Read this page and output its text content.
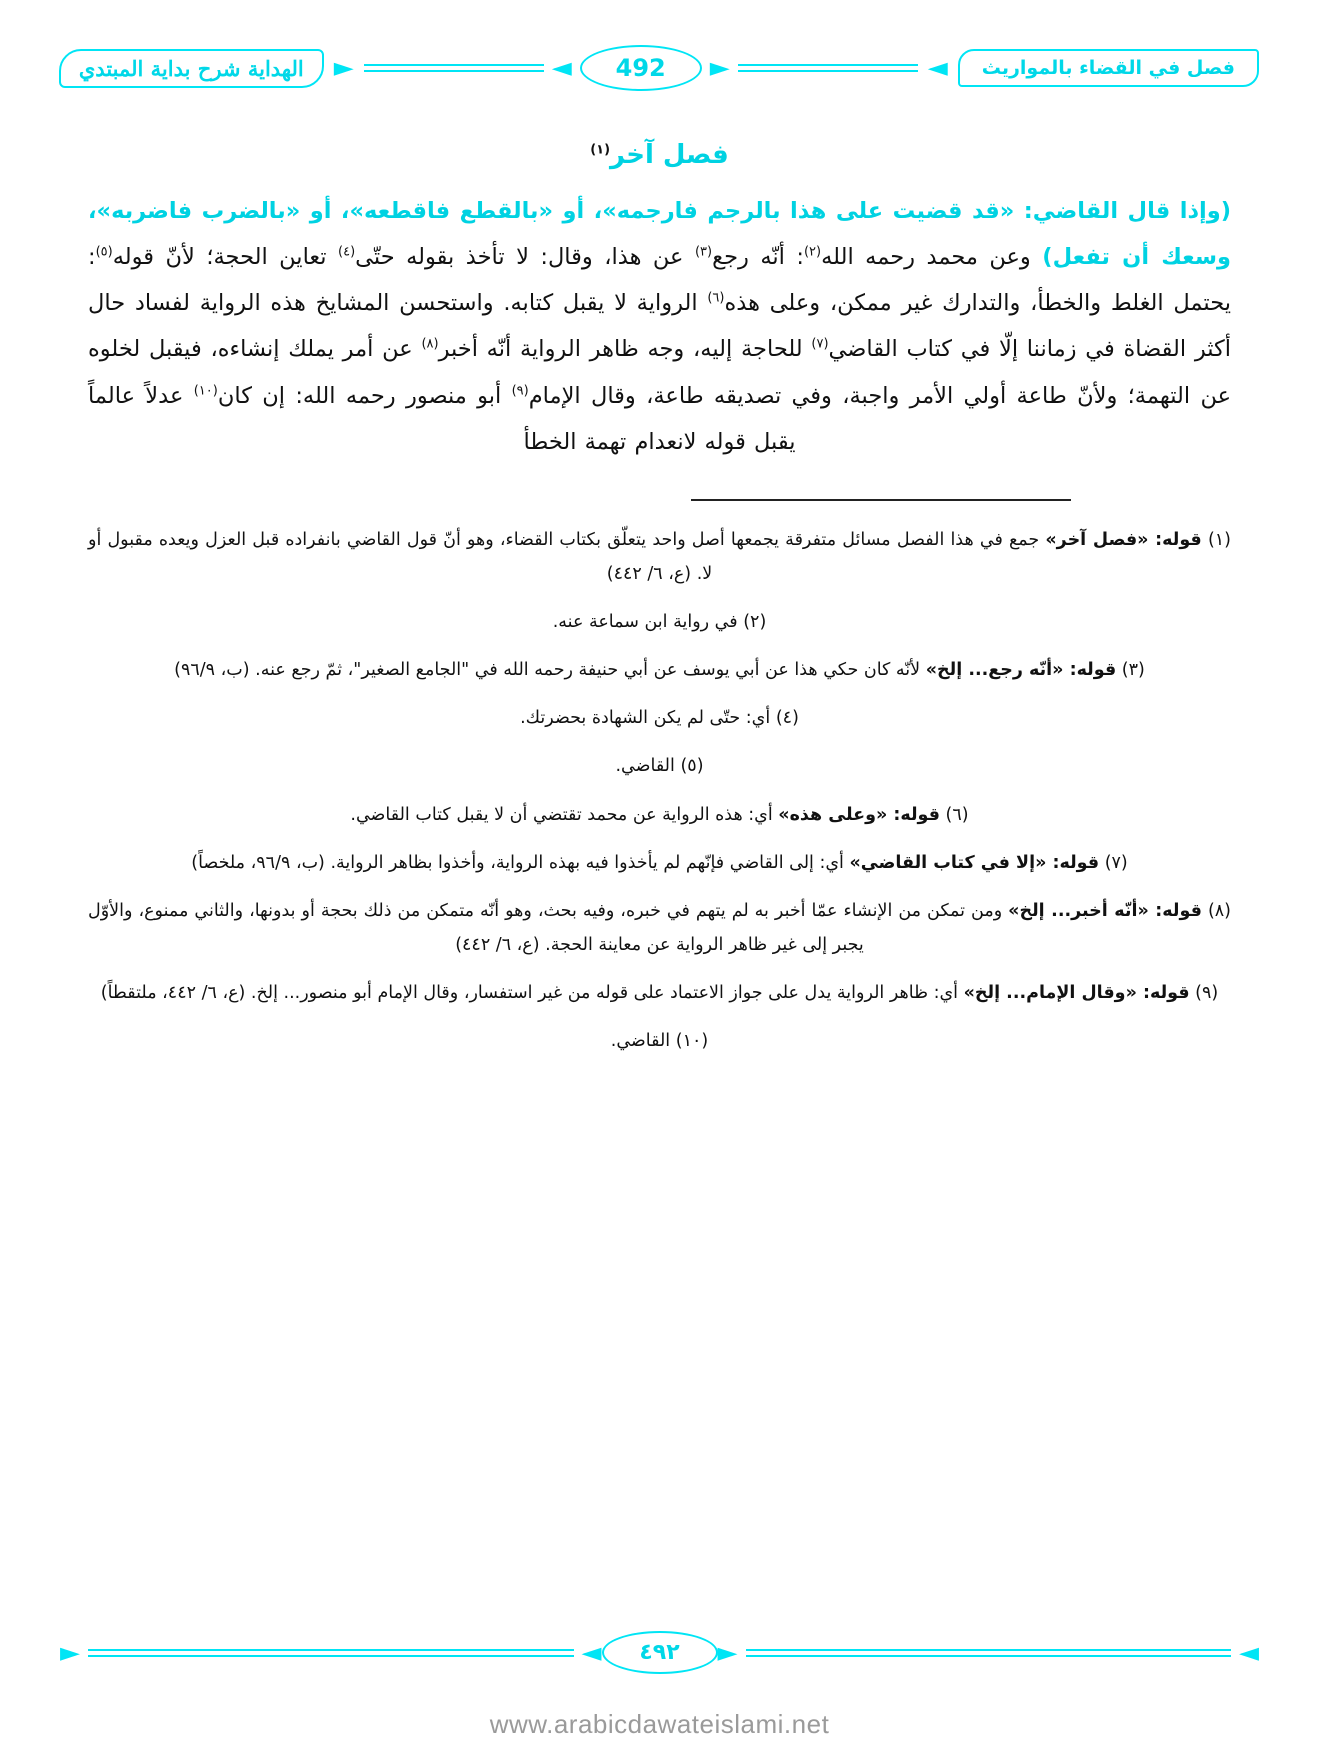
فصل في القضاء بالمواريث
◄
►
492
◄
►
الهداية شرح بداية المبتدي
فصل آخر$^{(١)}$
(وإذا قال القاضي: «قد قضيت على هذا بالرجم فارجمه»، أو «بالقطع فاقطعه»، أو «بالضرب فاضربه»، وسعك أن تفعل) وعن محمد رحمه الله$^{(٢)}$: أنّه رجع$^{(٣)}$ عن هذا، وقال: لا تأخذ بقوله حتّى$^{(٤)}$ تعاين الحجة؛ لأنّ قوله$^{(٥)}$: يحتمل الغلط والخطأ، والتدارك غير ممكن، وعلى هذه$^{(٦)}$ الرواية لا يقبل كتابه. واستحسن المشايخ هذه الرواية لفساد حال أكثر القضاة في زماننا إلّا في كتاب القاضي$^{(٧)}$ للحاجة إليه، وجه ظاهر الرواية أنّه أخبر$^{(٨)}$ عن أمر يملك إنشاءه، فيقبل لخلوه عن التهمة؛ ولأنّ طاعة أولي الأمر واجبة، وفي تصديقه طاعة، وقال الإمام$^{(٩)}$ أبو منصور رحمه الله: إن كان$^{(١٠)}$ عدلاً عالماً يقبل قوله لانعدام تهمة الخطأ
(١) قوله: «فصل آخر» جمع في هذا الفصل مسائل متفرقة يجمعها أصل واحد يتعلّق بكتاب القضاء، وهو أنّ قول القاضي بانفراده قبل العزل ويعده مقبول أو لا. (ع، ٦/ ٤٤٢)
(٢) في رواية ابن سماعة عنه.
(٣) قوله: «أنّه رجع... إلخ» لأنّه كان حكي هذا عن أبي يوسف عن أبي حنيفة رحمه الله في "الجامع الصغير"، ثمّ رجع عنه. (ب، ٩٦/٩)
(٤) أي: حتّى لم يكن الشهادة بحضرتك.
(٥) القاضي.
(٦) قوله: «وعلى هذه» أي: هذه الرواية عن محمد تقتضي أن لا يقبل كتاب القاضي.
(٧) قوله: «إلا في كتاب القاضي» أي: إلى القاضي فإنّهم لم يأخذوا فيه بهذه الرواية، وأخذوا بظاهر الرواية. (ب، ٩٦/٩، ملخصاً)
(٨) قوله: «أنّه أخبر... إلخ» ومن تمكن من الإنشاء عمّا أخبر به لم يتهم في خبره، وفيه بحث، وهو أنّه متمكن من ذلك بحجة أو بدونها، والثاني ممنوع، والأوّل يجبر إلى غير ظاهر الرواية عن معاينة الحجة. (ع، ٦/ ٤٤٢)
(٩) قوله: «وقال الإمام... إلخ» أي: ظاهر الرواية يدل على جواز الاعتماد على قوله من غير استفسار، وقال الإمام أبو منصور... إلخ. (ع، ٦/ ٤٤٢، ملتقطاً)
(١٠) القاضي.
◄
►
٤٩٢
◄
►
www.arabicdawateislami.net
